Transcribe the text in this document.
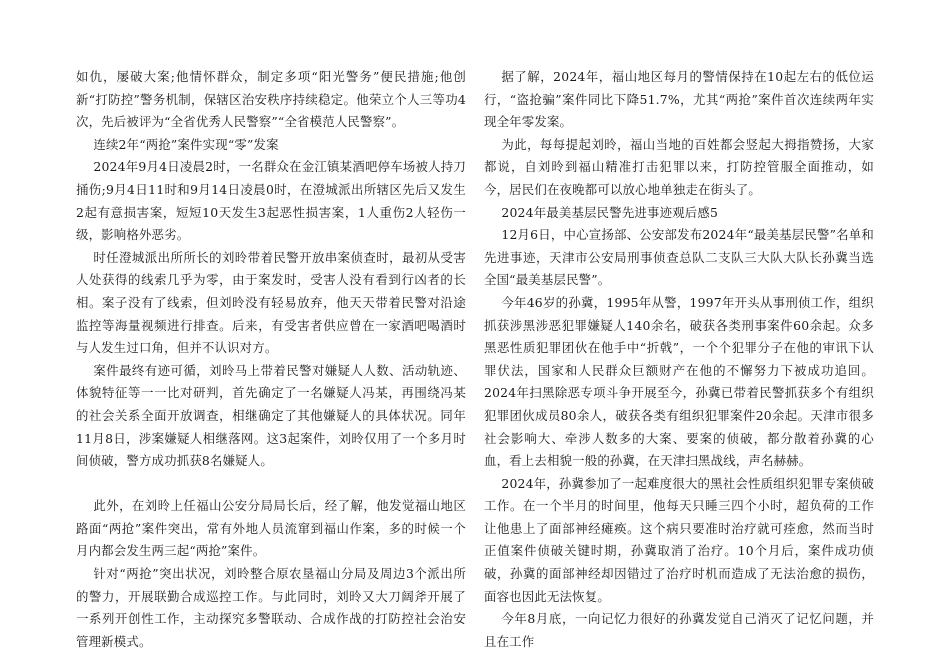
如仇，屡破大案;他情怀群众，制定多项“阳光警务”便民措施;他创新“打防控”警务机制，保辖区治安秩序持续稳定。他荣立个人三等功4次，先后被评为“全省优秀人民警察”“全省模范人民警察”。

连续2年“两抢”案件实现“零”发案

2024年9月4日凌晨2时，一名群众在金江镇某酒吧停车场被人持刀捅伤;9月4日11时和9月14日凌晨0时，在澄城派出所辖区先后又发生2起有意损害案，短短10天发生3起恶性损害案，1人重伤2人轻伤一级，影响格外恶劣。

时任澄城派出所所长的刘昤带着民警开放串案侦查时，最初从受害人处获得的线索几乎为零，由于案发时，受害人没有看到行凶者的长相。案子没有了线索，但刘昤没有轻易放弃，他天天带着民警对沿途监控等海量视频进行排查。后来，有受害者供应曾在一家酒吧喝酒时与人发生过口角，但并不认识对方。

案件最终有迹可循，刘昤马上带着民警对嫌疑人人数、活动轨迹、体貌特征等一一比对研判，首先确定了一名嫌疑人冯某，再围绕冯某的社会关系全面开放调查，相继确定了其他嫌疑人的具体状况。同年11月8日，涉案嫌疑人相继落网。这3起案件，刘昤仅用了一个多月时间侦破，警方成功抓获8名嫌疑人。

此外，在刘昤上任福山公安分局局长后，经了解，他发觉福山地区路面“两抢”案件突出，常有外地人员流窜到福山作案，多的时候一个月内都会发生两三起“两抢”案件。

针对“两抢”突出状况，刘昤整合原农垦福山分局及周边3个派出所的警力，开展联勤合成巡控工作。与此同时，刘昤又大刀阔斧开展了一系列开创性工作，主动探究多警联动、合成作战的打防控社会治安管理新模式。

据了解，2024年，福山地区每月的警情保持在10起左右的低位运行，“盗抢骗”案件同比下降51.7%，尤其“两抢”案件首次连续两年实现全年零发案。

为此，每每提起刘昤，福山当地的百姓都会竖起大拇指赞扬，大家都说，自刘昤到福山精准打击犯罪以来，打防控管服全面推动，如今，居民们在夜晚都可以放心地单独走在街头了。

2024年最美基层民警先进事迹观后感5

12月6日，中心宣扬部、公安部发布2024年“最美基层民警”名单和先进事迹，天津市公安局刑事侦查总队二支队三大队大队长孙冀当选全国“最美基层民警”。

今年46岁的孙冀，1995年从警，1997年开头从事刑侦工作，组织抓获涉黑涉恶犯罪嫌疑人140余名，破获各类刑事案件60余起。众多黑恶性质犯罪团伙在他手中“折戟”，一个个犯罪分子在他的审讯下认罪伏法，国家和人民群众巨额财产在他的不懈努力下被成功追回。2024年扫黑除恶专项斗争开展至今，孙冀已带着民警抓获多个有组织犯罪团伙成员80余人，破获各类有组织犯罪案件20余起。天津市很多社会影响大、牵涉人数多的大案、要案的侦破，都分散着孙冀的心血，看上去相貌一般的孙冀，在天津扫黑战线，声名赫赫。

2024年，孙冀参加了一起难度很大的黑社会性质组织犯罪专案侦破工作。在一个半月的时间里，他每天只睡三四个小时，超负荷的工作让他患上了面部神经瘫痪。这个病只要准时治疗就可痊愈，然而当时正值案件侦破关键时期，孙冀取消了治疗。10个月后，案件成功侦破，孙冀的面部神经却因错过了治疗时机而造成了无法治愈的损伤，面容也因此无法恢复。

今年8月底，一向记忆力很好的孙冀发觉自己消灭了记忆问题，并且在工作
